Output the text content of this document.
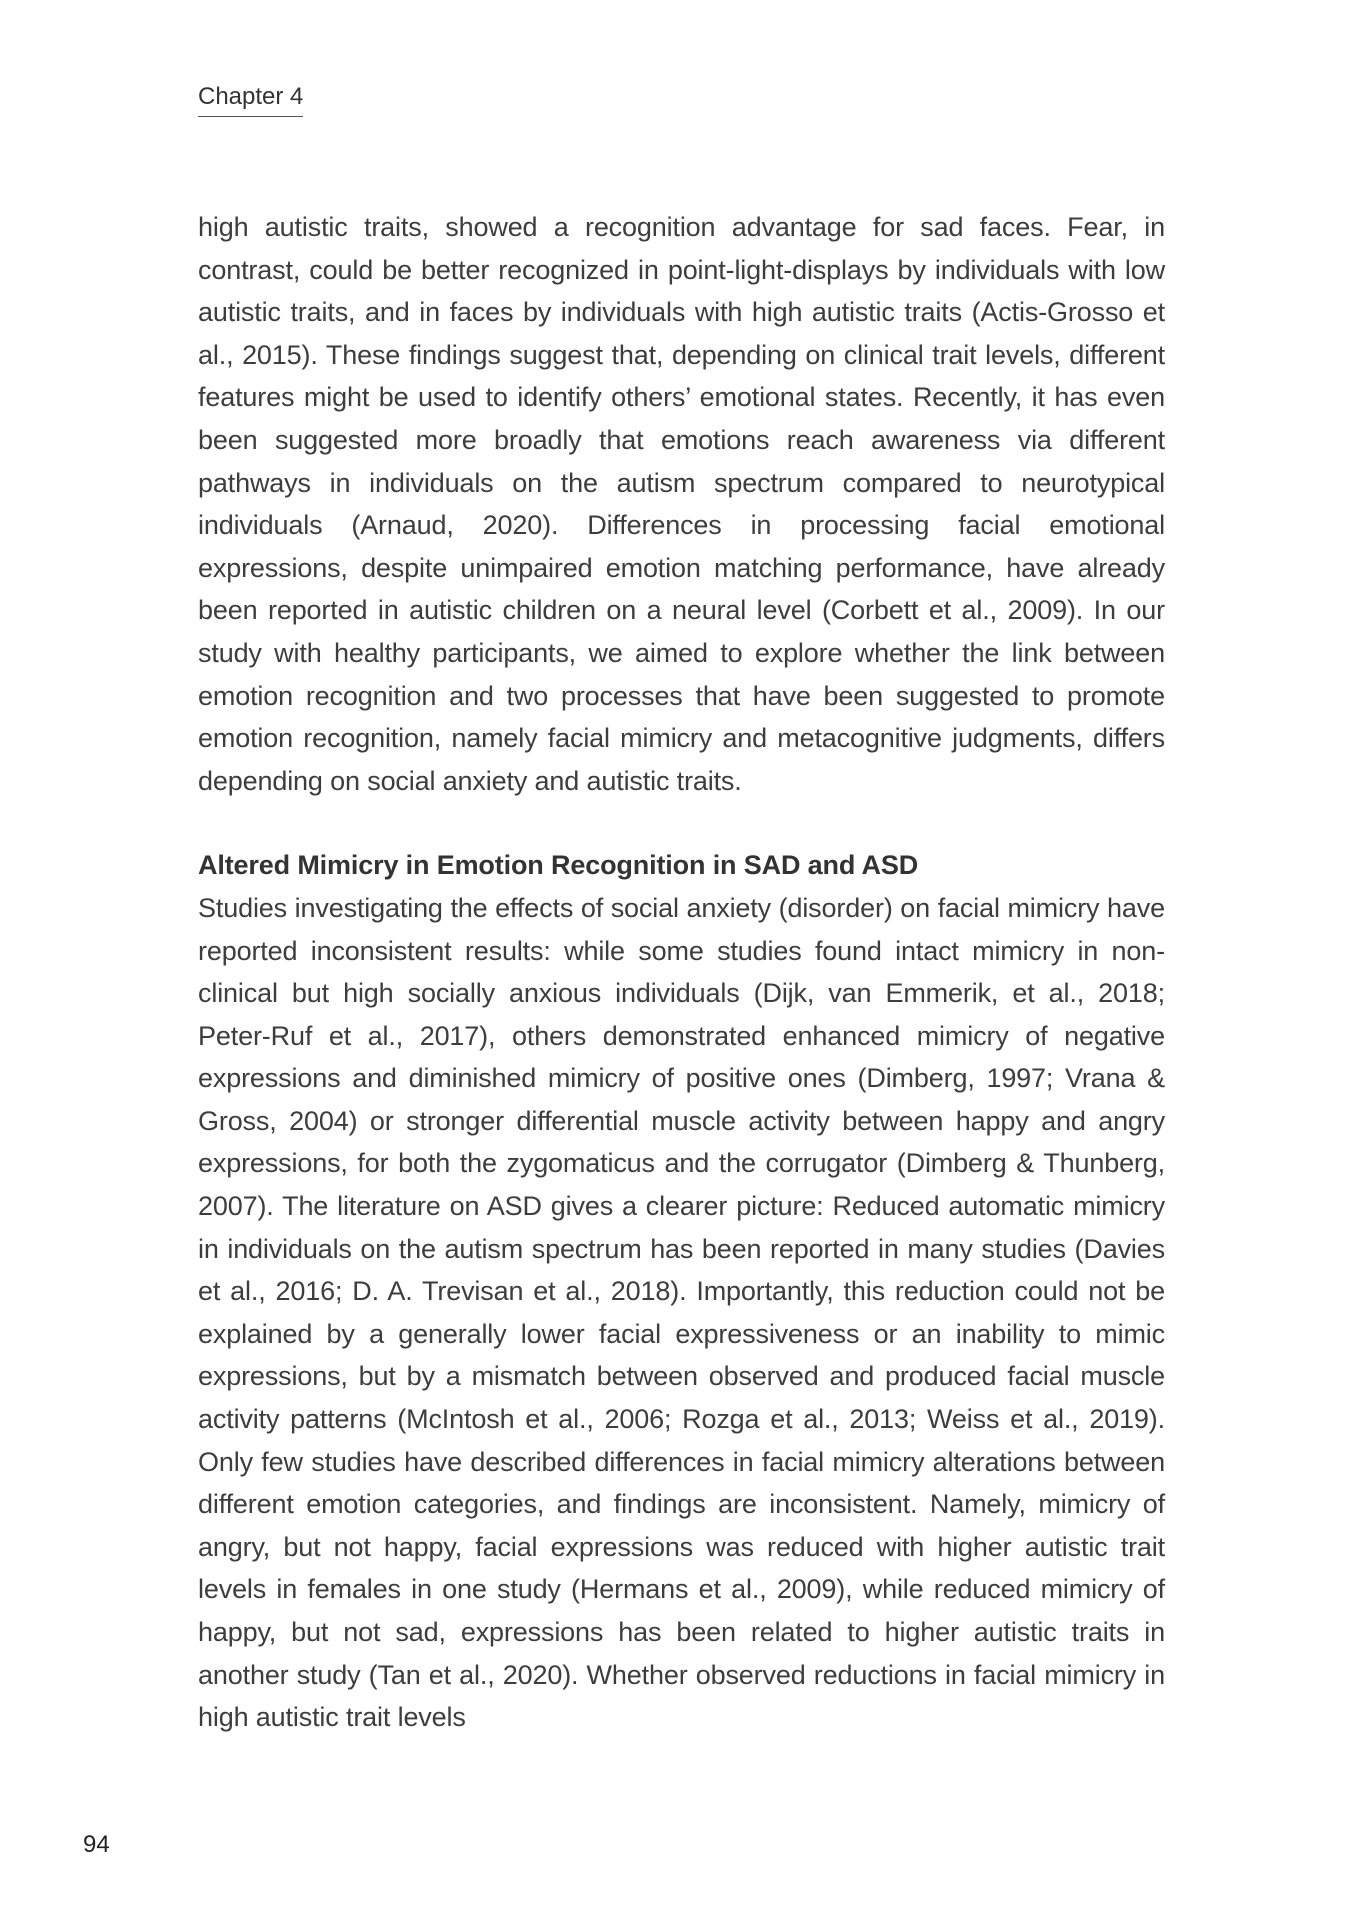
Chapter 4

high autistic traits, showed a recognition advantage for sad faces. Fear, in contrast, could be better recognized in point-light-displays by individuals with low autistic traits, and in faces by individuals with high autistic traits (Actis-Grosso et al., 2015). These findings suggest that, depending on clinical trait levels, different features might be used to identify others’ emotional states. Recently, it has even been suggested more broadly that emotions reach awareness via different pathways in individuals on the autism spectrum compared to neurotypical individuals (Arnaud, 2020). Differences in processing facial emotional expressions, despite unimpaired emotion matching performance, have already been reported in autistic children on a neural level (Corbett et al., 2009). In our study with healthy participants, we aimed to explore whether the link between emotion recognition and two processes that have been suggested to promote emotion recognition, namely facial mimicry and metacognitive judgments, differs depending on social anxiety and autistic traits.

Altered Mimicry in Emotion Recognition in SAD and ASD

Studies investigating the effects of social anxiety (disorder) on facial mimicry have reported inconsistent results: while some studies found intact mimicry in non-clinical but high socially anxious individuals (Dijk, van Emmerik, et al., 2018; Peter-Ruf et al., 2017), others demonstrated enhanced mimicry of negative expressions and diminished mimicry of positive ones (Dimberg, 1997; Vrana & Gross, 2004) or stronger differential muscle activity between happy and angry expressions, for both the zygomaticus and the corrugator (Dimberg & Thunberg, 2007). The literature on ASD gives a clearer picture: Reduced automatic mimicry in individuals on the autism spectrum has been reported in many studies (Davies et al., 2016; D. A. Trevisan et al., 2018). Importantly, this reduction could not be explained by a generally lower facial expressiveness or an inability to mimic expressions, but by a mismatch between observed and produced facial muscle activity patterns (McIntosh et al., 2006; Rozga et al., 2013; Weiss et al., 2019). Only few studies have described differences in facial mimicry alterations between different emotion categories, and findings are inconsistent. Namely, mimicry of angry, but not happy, facial expressions was reduced with higher autistic trait levels in females in one study (Hermans et al., 2009), while reduced mimicry of happy, but not sad, expressions has been related to higher autistic traits in another study (Tan et al., 2020). Whether observed reductions in facial mimicry in high autistic trait levels

94
